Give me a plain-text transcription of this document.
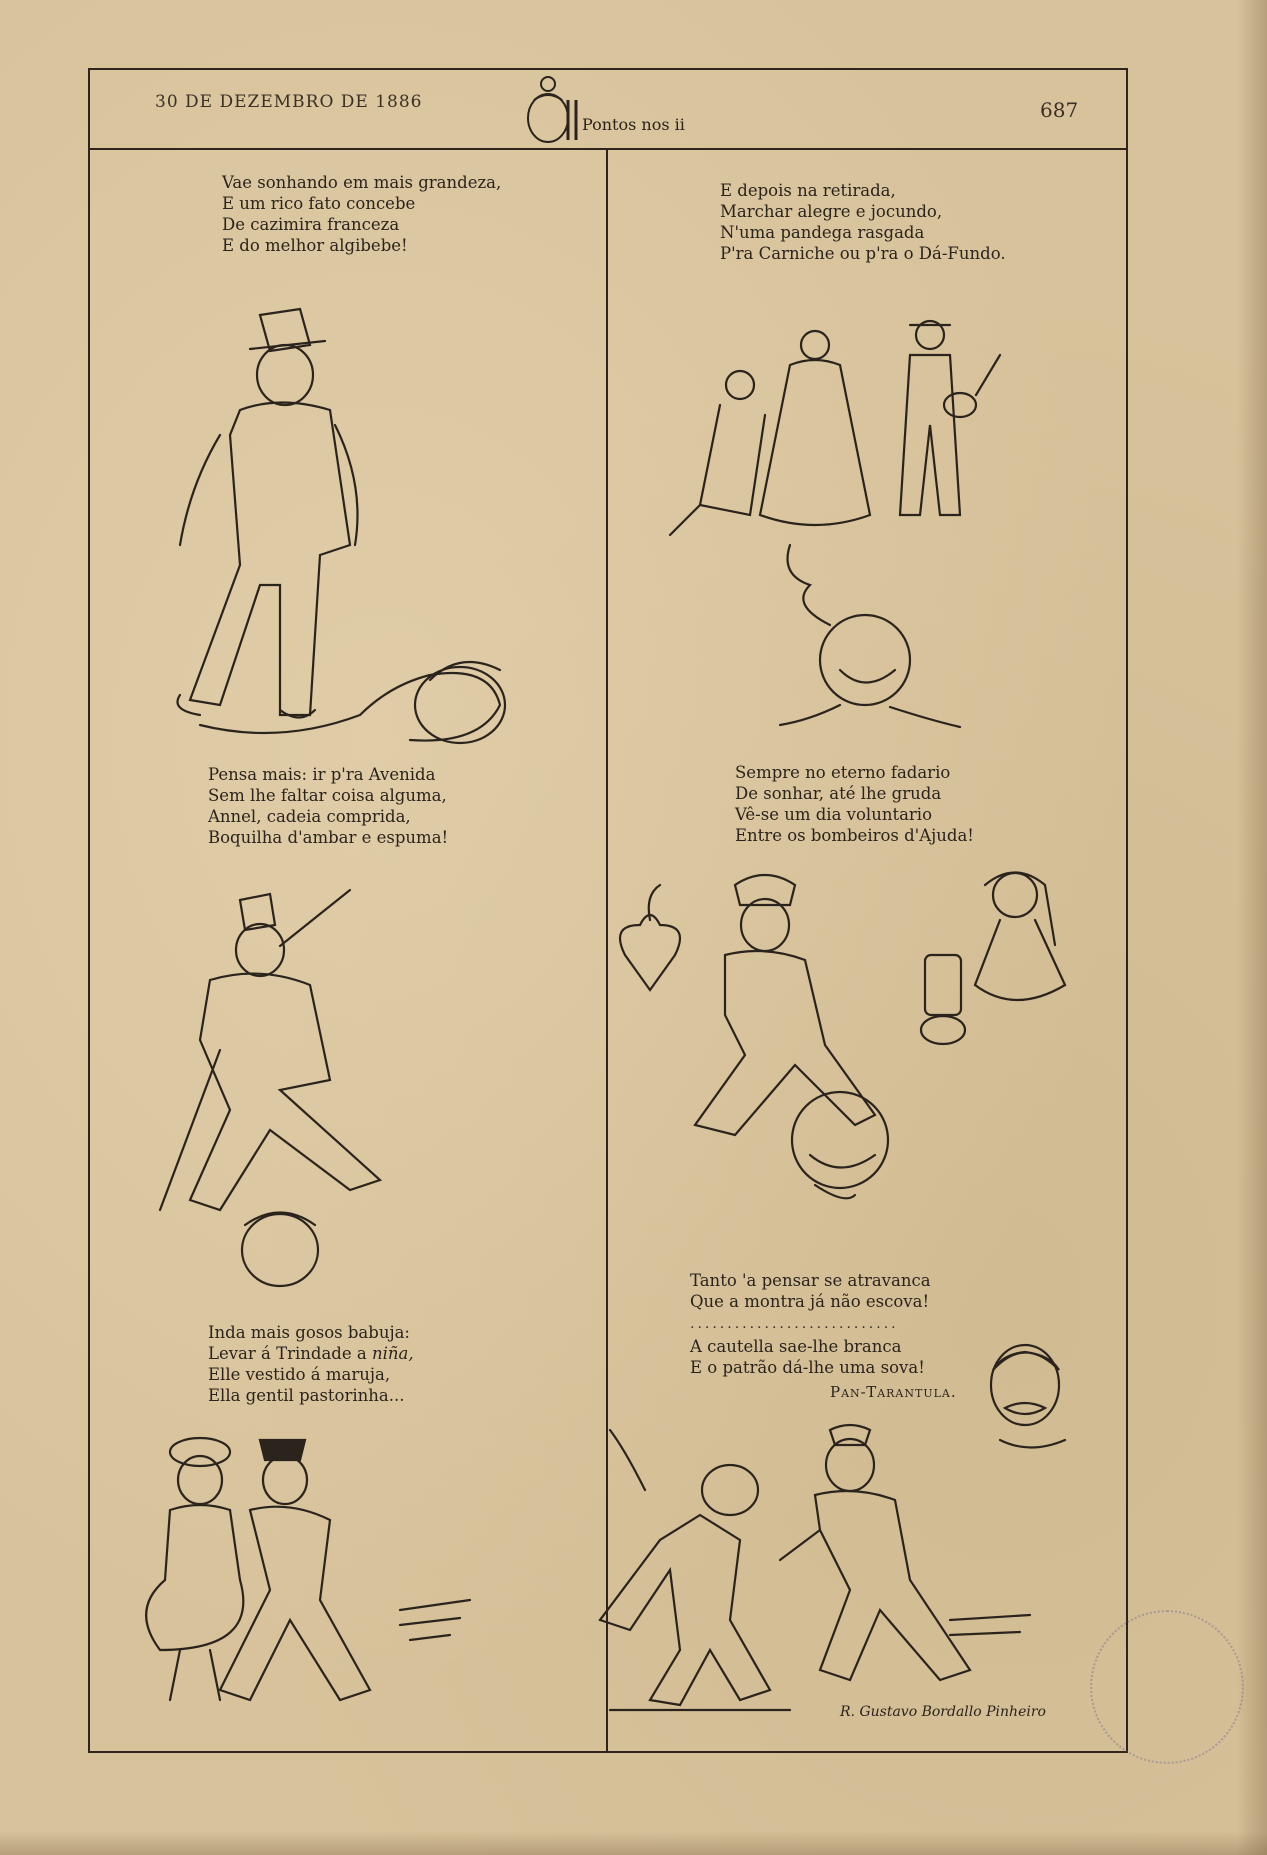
30 DE DEZEMBRO DE 1886
Pontos nos ii
687
Vae sonhando em mais grandeza,
E um rico fato concebe
De cazimira franceza
E do melhor algibebe!
Pensa mais: ir p'ra Avenida
Sem lhe faltar coisa alguma,
Annel, cadeia comprida,
Boquilha d'ambar e espuma!
Inda mais gosos babuja:
Levar á Trindade a niña,
Elle vestido á maruja,
Ella gentil pastorinha...
E depois na retirada,
Marchar alegre e jocundo,
N'uma pandega rasgada
P'ra Carniche ou p'ra o Dá-Fundo.
Sempre no eterno fadario
De sonhar, até lhe gruda
Vê-se um dia voluntario
Entre os bombeiros d'Ajuda!
Tanto 'a pensar se atravanca
Que a montra já não escova!
............................
A cautella sae-lhe branca
E o patrão dá-lhe uma sova!
Pan-Tarantula.
R. Gustavo Bordallo Pinheiro
